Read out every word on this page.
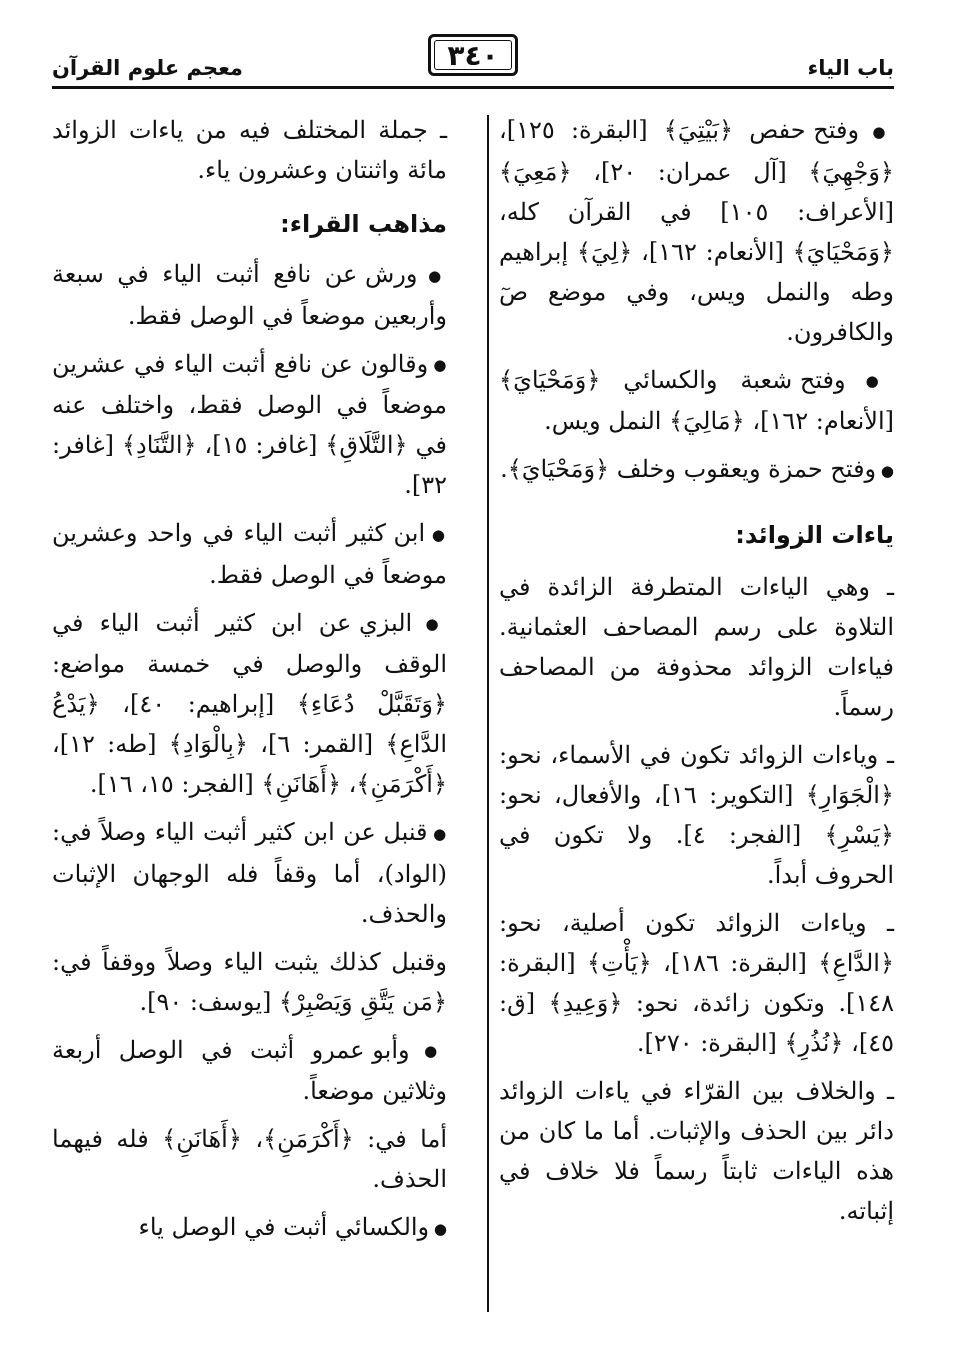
باب الياء
٣٤٠
معجم علوم القرآن

● وفتح حفص ﴿بَيْتِيَ﴾ [البقرة: ١٢٥]، ﴿وَجْهِيَ﴾ [آل عمران: ٢٠]، ﴿مَعِيَ﴾ [الأعراف: ١٠٥] في القرآن كله، ﴿وَمَحْيَايَ﴾ [الأنعام: ١٦٢]، ﴿لِيَ﴾ إبراهيم وطه والنمل ويس، وفي موضع صٓ والكافرون.

● وفتح شعبة والكسائي ﴿وَمَحْيَايَ﴾ [الأنعام: ١٦٢]، ﴿مَالِيَ﴾ النمل ويس.

● وفتح حمزة ويعقوب وخلف ﴿وَمَحْيَايَ﴾.

ياءات الزوائد:

ـ وهي الياءات المتطرفة الزائدة في التلاوة على رسم المصاحف العثمانية. فياءات الزوائد محذوفة من المصاحف رسماً.

ـ وياءات الزوائد تكون في الأسماء، نحو: ﴿الْجَوَارِ﴾ [التكوير: ١٦]، والأفعال، نحو: ﴿يَسْرِ﴾ [الفجر: ٤]. ولا تكون في الحروف أبداً.

ـ وياءات الزوائد تكون أصلية، نحو: ﴿الدَّاعِ﴾ [البقرة: ١٨٦]، ﴿يَأْتِ﴾ [البقرة: ١٤٨]. وتكون زائدة، نحو: ﴿وَعِيدِ﴾ [ق: ٤٥]، ﴿نُذُرِ﴾ [البقرة: ٢٧٠].

ـ والخلاف بين القرّاء في ياءات الزوائد دائر بين الحذف والإثبات. أما ما كان من هذه الياءات ثابتاً رسماً فلا خلاف في إثباته.

ـ جملة المختلف فيه من ياءات الزوائد مائة واثنتان وعشرون ياء.

مذاهب القراء:

● ورش عن نافع أثبت الياء في سبعة وأربعين موضعاً في الوصل فقط.

● وقالون عن نافع أثبت الياء في عشرين موضعاً في الوصل فقط، واختلف عنه في ﴿التَّلَاقِ﴾ [غافر: ١٥]، ﴿التَّنَادِ﴾ [غافر: ٣٢].

● ابن كثير أثبت الياء في واحد وعشرين موضعاً في الوصل فقط.

● البزي عن ابن كثير أثبت الياء في الوقف والوصل في خمسة مواضع: ﴿وَتَقَبَّلْ دُعَاءِ﴾ [إبراهيم: ٤٠]، ﴿يَدْعُ الدَّاعِ﴾ [القمر: ٦]، ﴿بِالْوَادِ﴾ [طه: ١٢]، ﴿أَكْرَمَنِ﴾، ﴿أَهَانَنِ﴾ [الفجر: ١٥، ١٦].

● قنبل عن ابن كثير أثبت الياء وصلاً في: (الواد)، أما وقفاً فله الوجهان الإثبات والحذف.

وقنبل كذلك يثبت الياء وصلاً ووقفاً في: ﴿مَن يَتَّقِ وَيَصْبِرْ﴾ [يوسف: ٩٠].

● وأبو عمرو أثبت في الوصل أربعة وثلاثين موضعاً.

أما في: ﴿أَكْرَمَنِ﴾، ﴿أَهَانَنِ﴾ فله فيهما الحذف.

● والكسائي أثبت في الوصل ياء
